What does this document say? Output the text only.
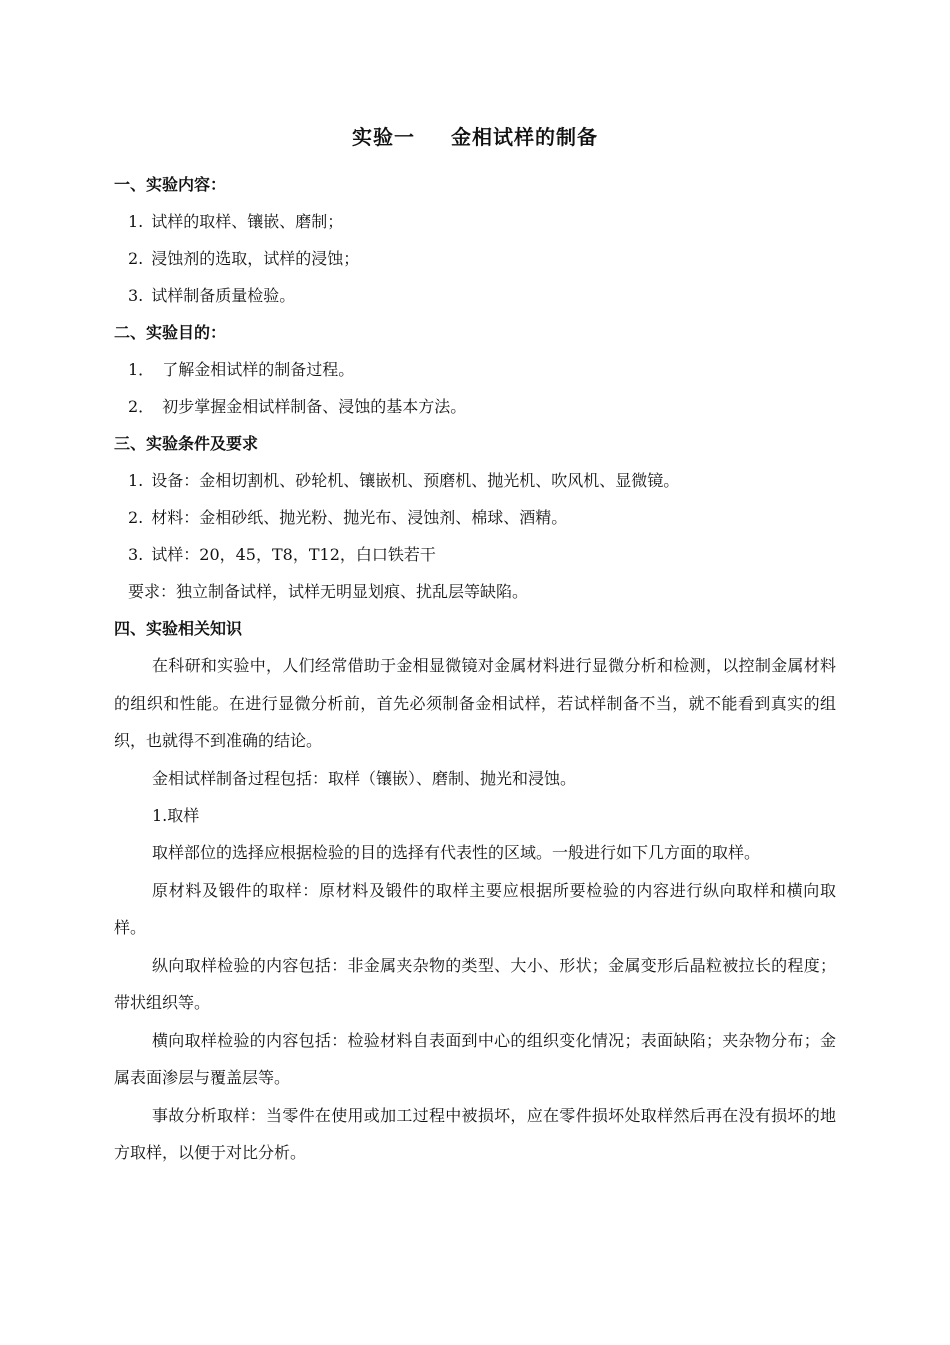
实验一 金相试样的制备
一、实验内容：
1. 试样的取样、镶嵌、磨制；
2. 浸蚀剂的选取，试样的浸蚀；
3. 试样制备质量检验。
二、实验目的：
1． 了解金相试样的制备过程。
2． 初步掌握金相试样制备、浸蚀的基本方法。
三、实验条件及要求
1. 设备：金相切割机、砂轮机、镶嵌机、预磨机、抛光机、吹风机、显微镜。
2. 材料：金相砂纸、抛光粉、抛光布、浸蚀剂、棉球、酒精。
3. 试样：20，45，T8，T12，白口铁若干
要求：独立制备试样，试样无明显划痕、扰乱层等缺陷。
四、实验相关知识

在科研和实验中，人们经常借助于金相显微镜对金属材料进行显微分析和检测，以控制金属材料的组织和性能。在进行显微分析前，首先必须制备金相试样，若试样制备不当，就不能看到真实的组织，也就得不到准确的结论。

金相试样制备过程包括：取样（镶嵌）、磨制、抛光和浸蚀。

1.取样

取样部位的选择应根据检验的目的选择有代表性的区域。一般进行如下几方面的取样。

原材料及锻件的取样：原材料及锻件的取样主要应根据所要检验的内容进行纵向取样和横向取样。

纵向取样检验的内容包括：非金属夹杂物的类型、大小、形状；金属变形后晶粒被拉长的程度；带状组织等。

横向取样检验的内容包括：检验材料自表面到中心的组织变化情况；表面缺陷；夹杂物分布；金属表面渗层与覆盖层等。

事故分析取样：当零件在使用或加工过程中被损坏，应在零件损坏处取样然后再在没有损坏的地方取样，以便于对比分析。
